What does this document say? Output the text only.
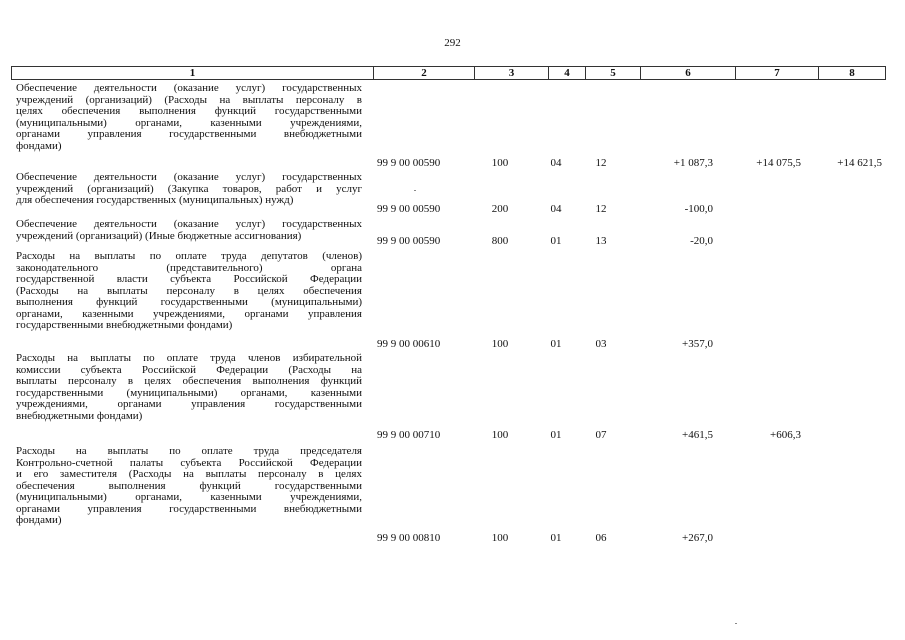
292
1	2	3	4	5	6	7	8
Обеспечение деятельности (оказание услуг) государственных
учреждений (организаций) (Расходы на выплаты персоналу в
целях обеспечения выполнения функций государственными
(муниципальными) органами, казенными учреждениями,
органами управления государственными внебюджетными
фондами)
99 9 00 00590	100	04	12	+1 087,3	+14 075,5	+14 621,5
Обеспечение деятельности (оказание услуг) государственных
учреждений (организаций) (Закупка товаров, работ и услуг
для обеспечения государственных (муниципальных) нужд)
99 9 00 00590	200	04	12	-100,0
Обеспечение деятельности (оказание услуг) государственных
учреждений (организаций) (Иные бюджетные ассигнования)	99 9 00 00590	800	01	13	-20,0
Расходы на выплаты по оплате труда депутатов (членов)
законодательного (представительного) органа
государственной власти субъекта Российской Федерации
(Расходы на выплаты персоналу в целях обеспечения
выполнения функций государственными (муниципальными)
органами, казенными учреждениями, органами управления
государственными внебюджетными фондами)
99 9 00 00610	100	01	03	+357,0
Расходы на выплаты по оплате труда членов избирательной
комиссии субъекта Российской Федерации (Расходы на
выплаты персоналу в целях обеспечения выполнения функций
государственными (муниципальными) органами, казенными
учреждениями, органами управления государственными
внебюджетными фондами)
99 9 00 00710	100	01	07	+461,5	+606,3
Расходы на выплаты по оплате труда председателя
Контрольно-счетной палаты субъекта Российской Федерации
и его заместителя (Расходы на выплаты персоналу в целях
обеспечения выполнения функций государственными
(муниципальными) органами, казенными учреждениями,
органами управления государственными внебюджетными
фондами)
99 9 00 00810	100	01	06	+267,0
